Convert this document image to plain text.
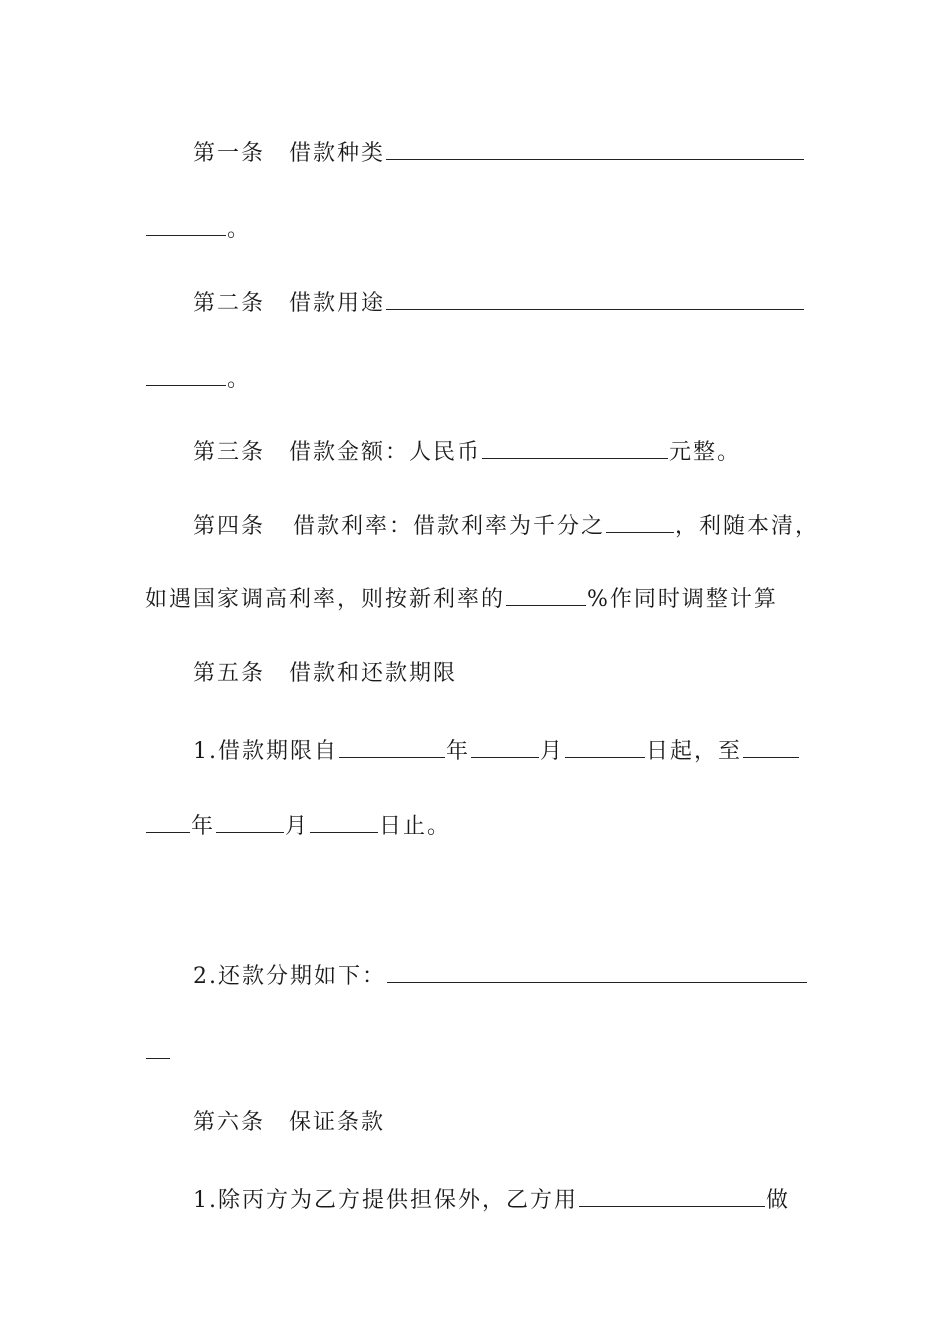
第一条 借款种类
。
第二条 借款用途
。
第三条 借款金额：人民币	元整。
第四条 借款利率：借款利率为千分之	，利随本清，
如遇国家调高利率，则按新利率的	%作同时调整计算
第五条 借款和还款期限
1.借款期限自	年	月	日起，至
年	月	日止。
2.还款分期如下：
第六条 保证条款
1.除丙方为乙方提供担保外，乙方用	做
